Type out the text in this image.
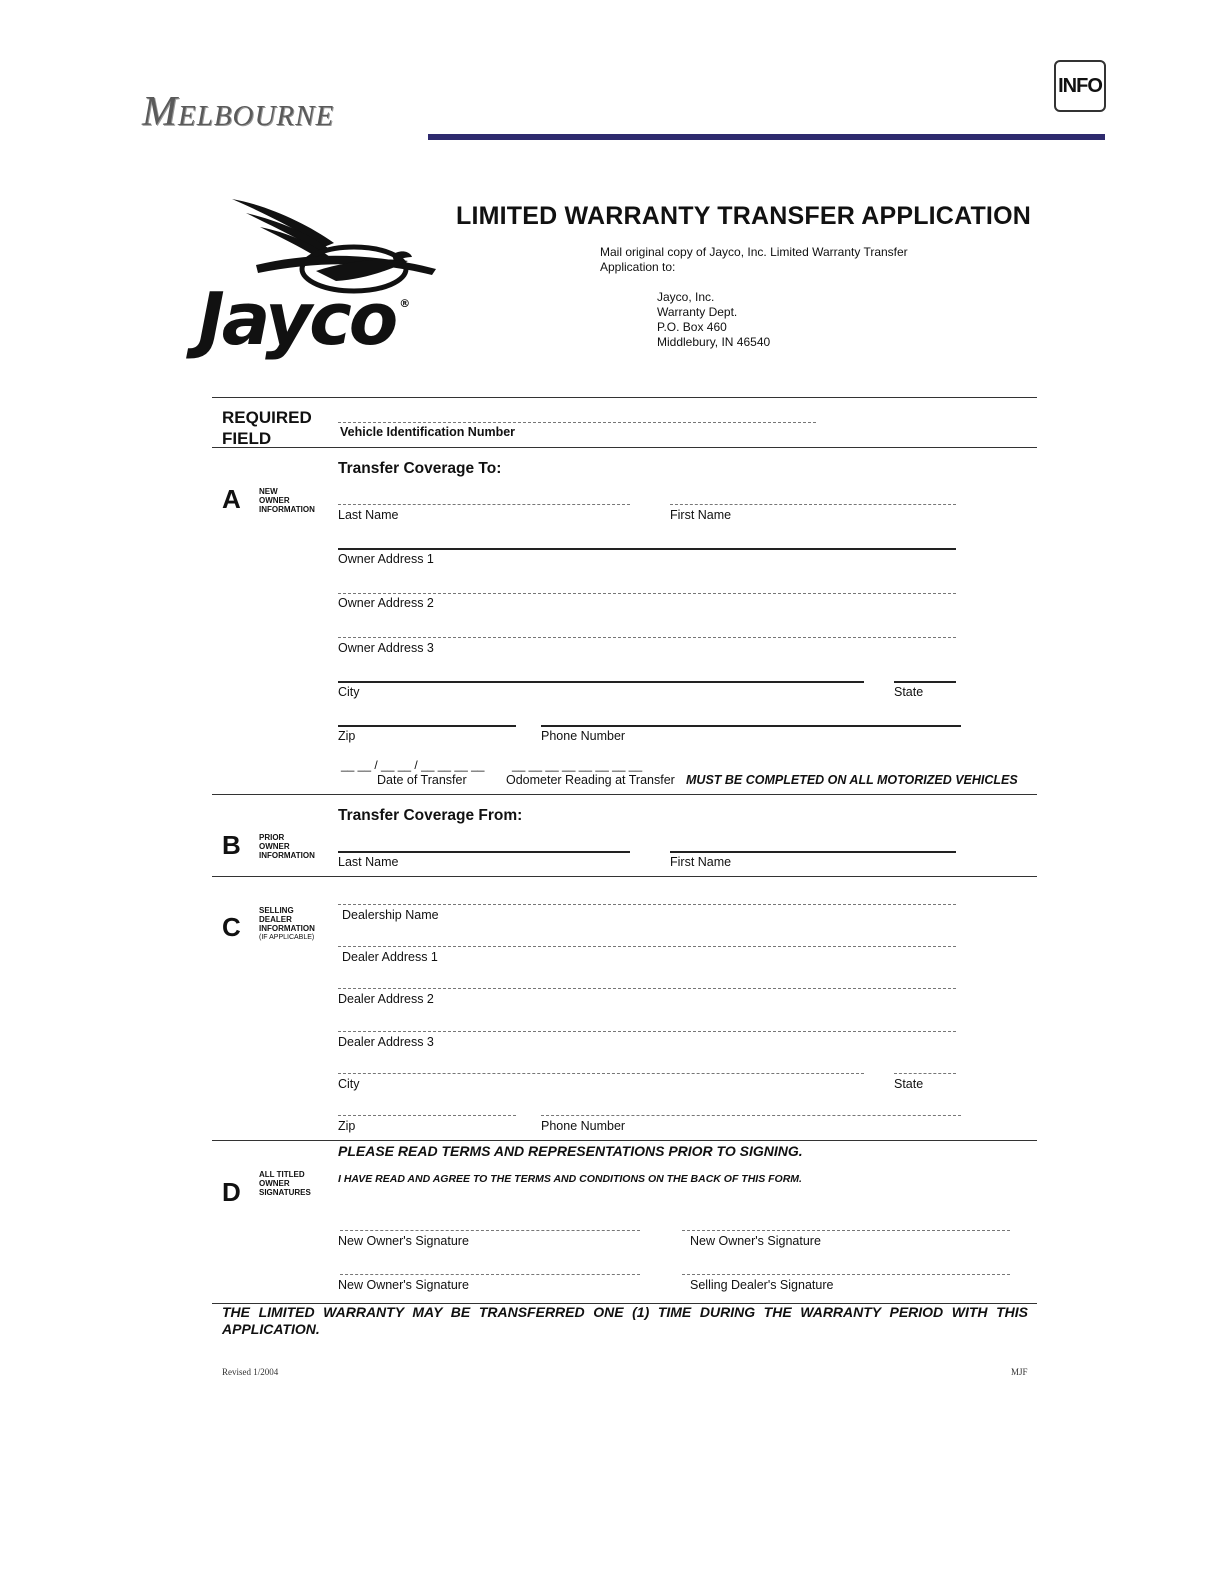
Melbourne
INFO
Jayco ®
LIMITED WARRANTY TRANSFER APPLICATION
Mail original copy of Jayco, Inc. Limited Warranty Transfer Application to:
Jayco, Inc.
Warranty Dept.
P.O. Box 460
Middlebury, IN 46540
REQUIRED
FIELD	Vehicle Identification Number
A NEW
OWNER
INFORMATION
Transfer Coverage To:
Last Name	First Name
Owner Address 1
Owner Address 2
Owner Address 3
City	State
Zip	Phone Number
__ __ / __ __ / __ __ __ __ __ __ __ __ __ __ __ __
Date of Transfer	Odometer Reading at Transfer MUST BE COMPLETED ON ALL MOTORIZED VEHICLES
Transfer Coverage From:
B PRIOR
OWNER
INFORMATION Last Name	First Name
C
SELLING
DEALER
INFORMATION
(IF APPLICABLE)
Dealership Name
Dealer Address 1
Dealer Address 2
Dealer Address 3
City	State
Zip	Phone Number
PLEASE READ TERMS AND REPRESENTATIONS PRIOR TO SIGNING.
D
ALL TITLED
OWNER
SIGNATURES
I HAVE READ AND AGREE TO THE TERMS AND CONDITIONS ON THE BACK OF THIS FORM.
New Owner's Signature	New Owner's Signature
New Owner's Signature	Selling Dealer's Signature
THE LIMITED WARRANTY MAY BE TRANSFERRED ONE (1) TIME DURING THE WARRANTY PERIOD WITH THIS APPLICATION.
Revised 1/2004	MJF
